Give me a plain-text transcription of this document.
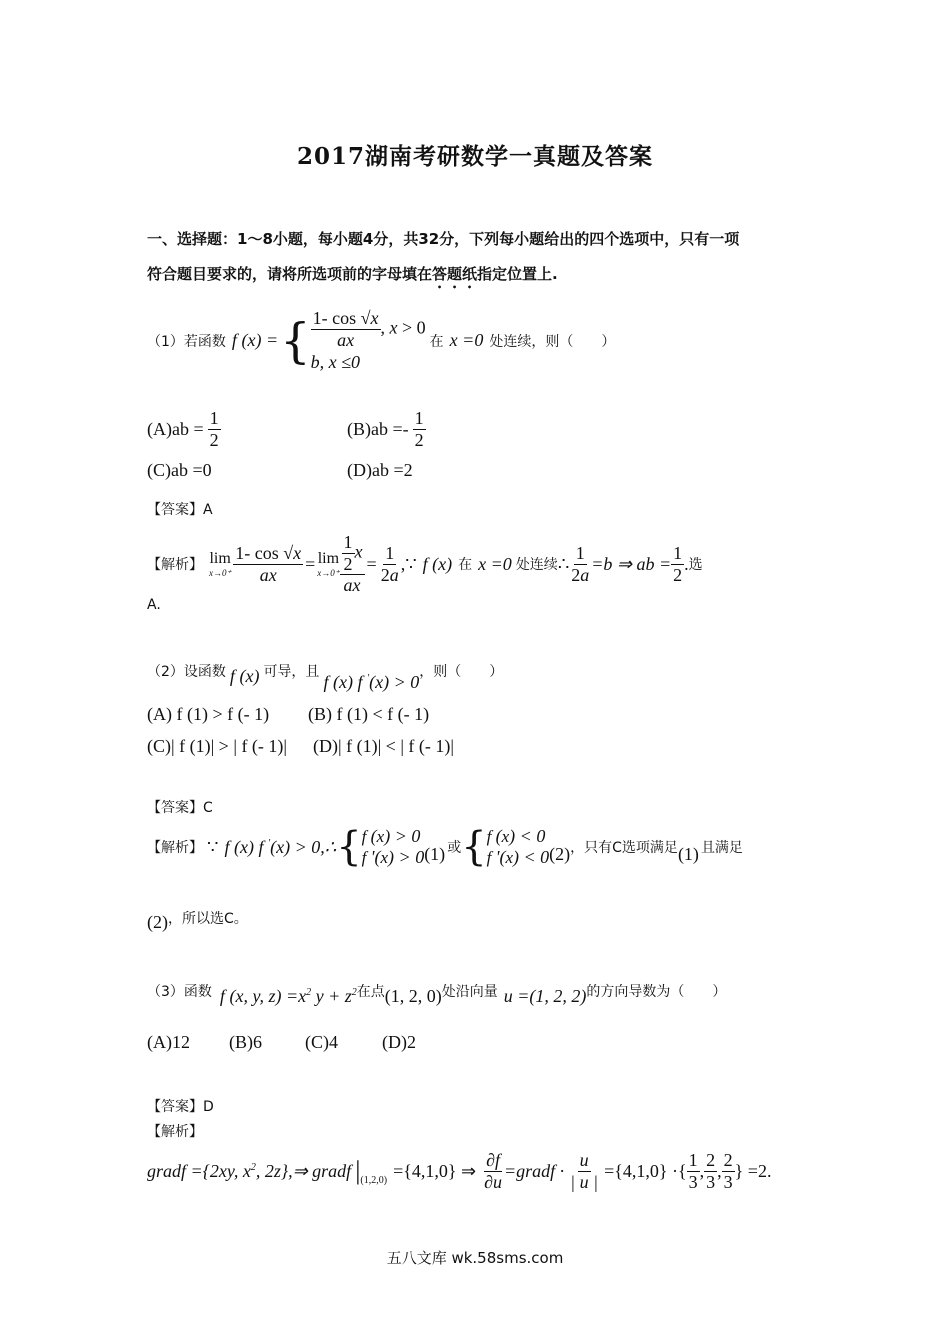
2017湖南考研数学一真题及答案
一、选择题：1～8小题，每小题4分，共32分，下列每小题给出的四个选项中，只有一项
符合题目要求的，请将所选项前的字母填在答题纸指定位置上.
（1）若函数 f (x) = { $\frac{1- \cos √x}{ax}$ , x > 0
b, x ≤0
在 x =0 处连续，则（　　）
$(A)ab = \frac{1}{2}$	$(B)ab =- \frac{1}{2}$
(C)ab =0	(D)ab =2
【答案】A
【解析】 lim
$x\to 0^+ \frac{1- \cos √x}{ax} = \lim$
$x\to 0^+ \frac{\frac{1}{2} x}{ax} = \frac{1}{2a}$ ,∵ f (x) 在 x =0 处连续 ∴ $\frac{1}{2a} =b$ ⇒ ab = $\frac{1}{2}$ . 选
A.
（2）设函数 f (x) 可导，且
f (x) f '(x) > 0
，则（　　）
(A) f (1) > f (- 1) (B) f (1) < f (- 1)
(C)| f (1)| > | f (- 1)| (D)| f (1)| < | f (- 1)|
【答案】C
【解析】 ∵ f (x) f '(x) > 0,∴ { f (x) > 0
f '(x) > 0 (1) 或 { f (x) < 0
f '(x) < 0 (2) ，只有C选项满足 (1) 且满足
(2) ，所以选C。
（3）函数 f (x, y, $z) =x^2$ $y + z^2$ 在点 (1, 2, 0) 处沿向量 u =(1, 2, 2) 的方向导数为（　　）
(A)12 (B)6 (C)4 (D)2
【答案】D
【解析】
gradf ={2xy, $x^2$, 2z},⇒ gradf | (1,2,0) ={4,1,0} ⇒ $\frac{\partial f}{\partial u}$ =gradf · $\frac{u}{| u |} =\{4,1,0\}$ ·{ $\frac{1}{3}$ , $\frac{2}{3}$ , $\frac{2}{3}$ } =2.
五八文库 wk.58sms.com
